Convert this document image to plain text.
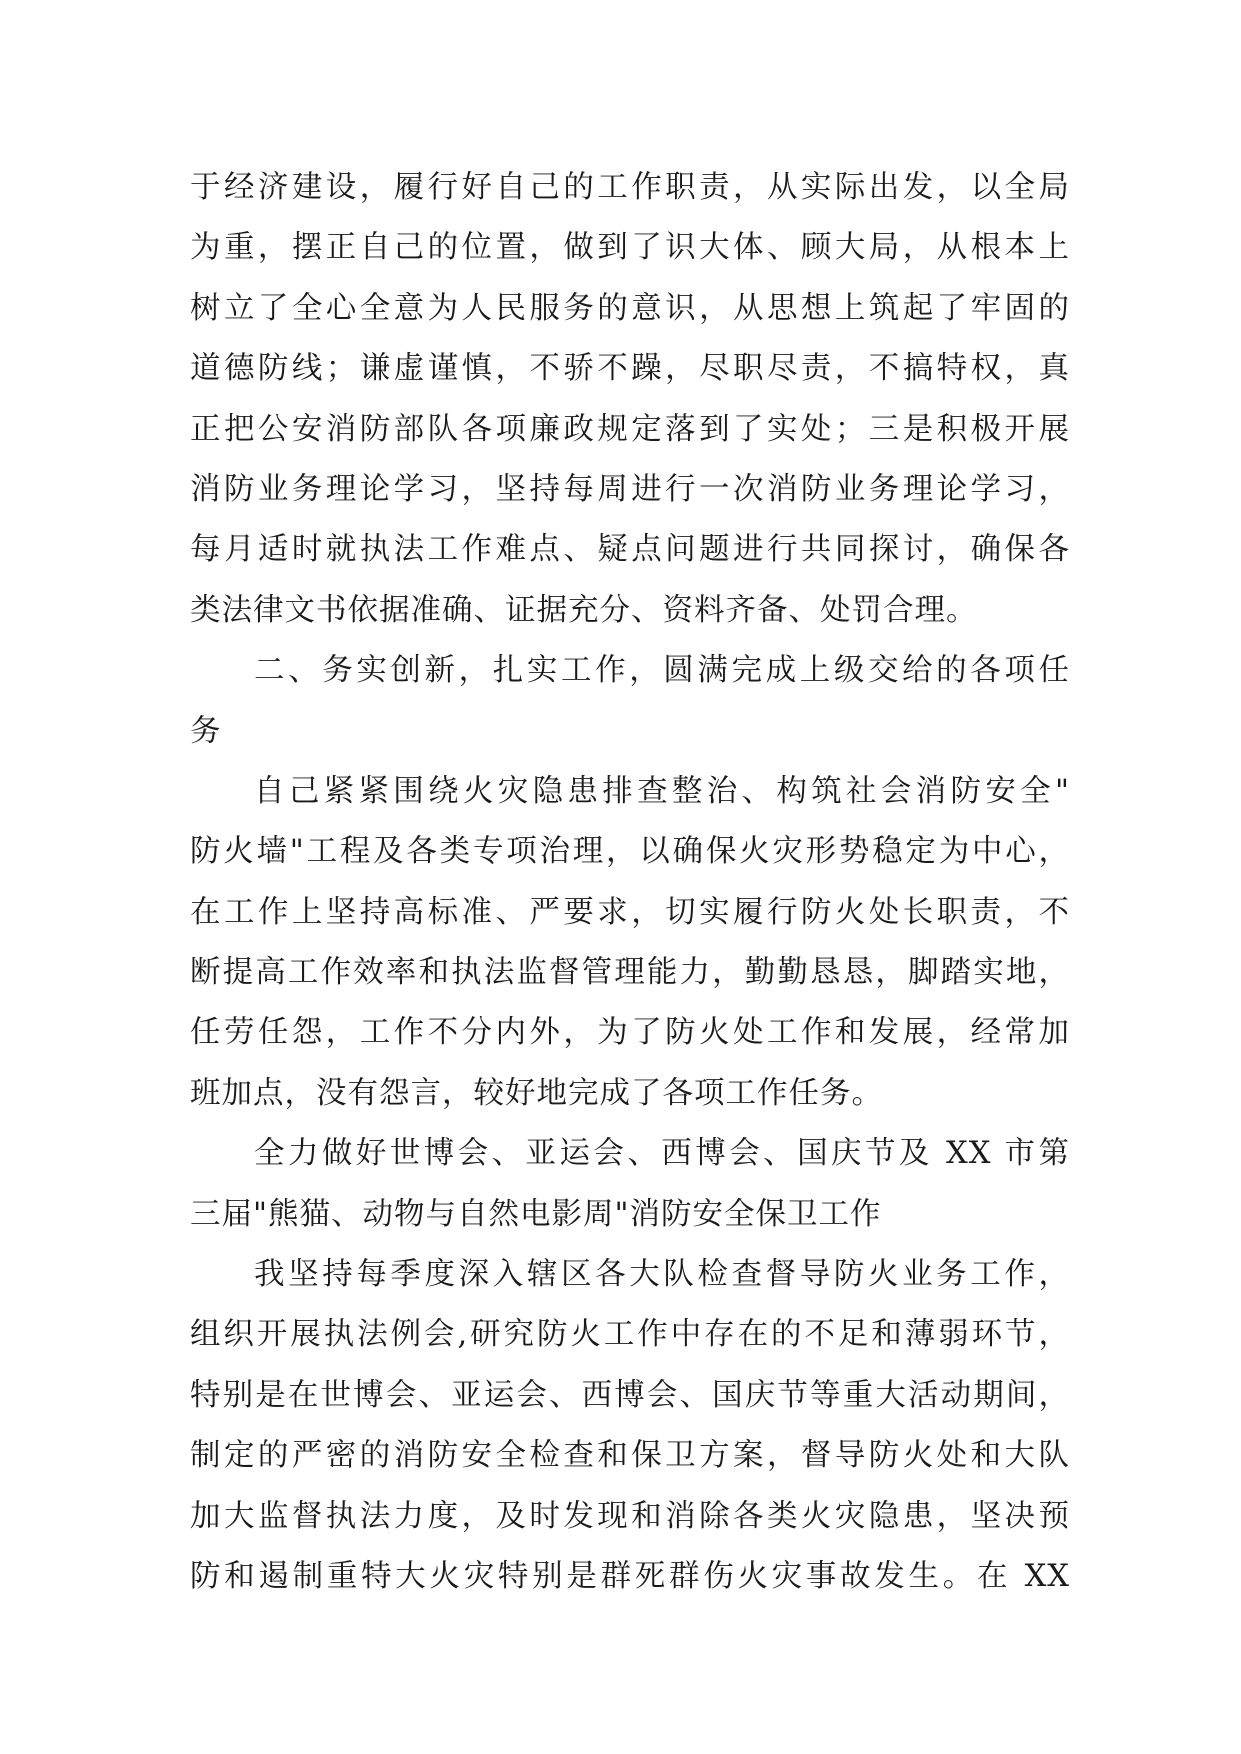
于经济建设，履行好自己的工作职责，从实际出发，以全局
为重，摆正自己的位置，做到了识大体、顾大局，从根本上
树立了全心全意为人民服务的意识，从思想上筑起了牢固的
道德防线；谦虚谨慎，不骄不躁，尽职尽责，不搞特权，真
正把公安消防部队各项廉政规定落到了实处；三是积极开展
消防业务理论学习，坚持每周进行一次消防业务理论学习，
每月适时就执法工作难点、疑点问题进行共同探讨，确保各
类法律文书依据准确、证据充分、资料齐备、处罚合理。
二、务实创新，扎实工作，圆满完成上级交给的各项任
务
自己紧紧围绕火灾隐患排查整治、构筑社会消防安全"
防火墙"工程及各类专项治理，以确保火灾形势稳定为中心，
在工作上坚持高标准、严要求，切实履行防火处长职责，不
断提高工作效率和执法监督管理能力，勤勤恳恳，脚踏实地，
任劳任怨，工作不分内外，为了防火处工作和发展，经常加
班加点，没有怨言，较好地完成了各项工作任务。
全力做好世博会、亚运会、西博会、国庆节及 XX 市第
三届"熊猫、动物与自然电影周"消防安全保卫工作
我坚持每季度深入辖区各大队检查督导防火业务工作，
组织开展执法例会,研究防火工作中存在的不足和薄弱环节，
特别是在世博会、亚运会、西博会、国庆节等重大活动期间，
制定的严密的消防安全检查和保卫方案，督导防火处和大队
加大监督执法力度，及时发现和消除各类火灾隐患，坚决预
防和遏制重特大火灾特别是群死群伤火灾事故发生。在 XX
